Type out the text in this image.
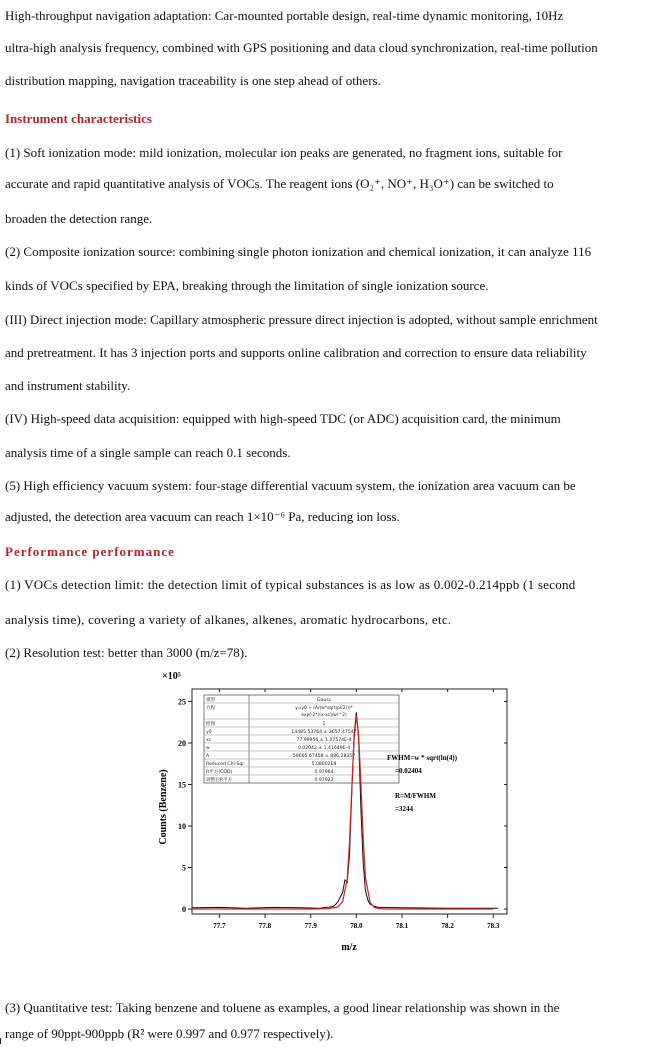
High-throughput navigation adaptation: Car-mounted portable design, real-time dynamic monitoring, 10Hz
ultra-high analysis frequency, combined with GPS positioning and data cloud synchronization, real-time pollution
distribution mapping, navigation traceability is one step ahead of others.
Instrument characteristics
(1) Soft ionization mode: mild ionization, molecular ion peaks are generated, no fragment ions, suitable for
accurate and rapid quantitative analysis of VOCs. The reagent ions (O₂⁺, NO⁺, H₃O⁺) can be switched to
broaden the detection range.
(2) Composite ionization source: combining single photon ionization and chemical ionization, it can analyze 116
kinds of VOCs specified by EPA, breaking through the limitation of single ionization source.
(III) Direct injection mode: Capillary atmospheric pressure direct injection is adopted, without sample enrichment
and pretreatment. It has 3 injection ports and supports online calibration and correction to ensure data reliability
and instrument stability.
(IV) High-speed data acquisition: equipped with high-speed TDC (or ADC) acquisition card, the minimum
analysis time of a single sample can reach 0.1 seconds.
(5) High efficiency vacuum system: four-stage differential vacuum system, the ionization area vacuum can be
adjusted, the detection area vacuum can reach 1×10⁻⁶ Pa, reducing ion loss.
Performance performance
(1) VOCs detection limit: the detection limit of typical substances is as low as 0.002-0.214ppb (1 second
analysis time), covering a variety of alkanes, alkenes, aromatic hydrocarbons, etc.
(2) Resolution test: better than 3000 (m/z=78).
模型	Gauss
方程	y=y0 + (A/(w*sqrt(pi/2)))*
exp(-2*((x-xc)/w)^2)
绘图	1
y0	14485.53764 ± 3657.47547
xc	77.99956 ± 1.07574E-4
w	0.02042 ± 1.41649E-4
A	59605.67408 ± 896.28357
Reduced Chi-Sqr	5.08002E9
R平方(COD)	0.97964
调整后R平方	0.97922
77.7	77.8	77.9	78.0	78.1	78.2	78.3
0
5
10
15
20
25
×10⁵
m/z
Counts (Benzene)
FWHM=w * sqrt(ln(4))
=0.02404
R=M/FWHM
=3244
(3) Quantitative test: Taking benzene and toluene as examples, a good linear relationship was shown in the
range of 90ppt-900ppb (R² were 0.997 and 0.977 respectively).
